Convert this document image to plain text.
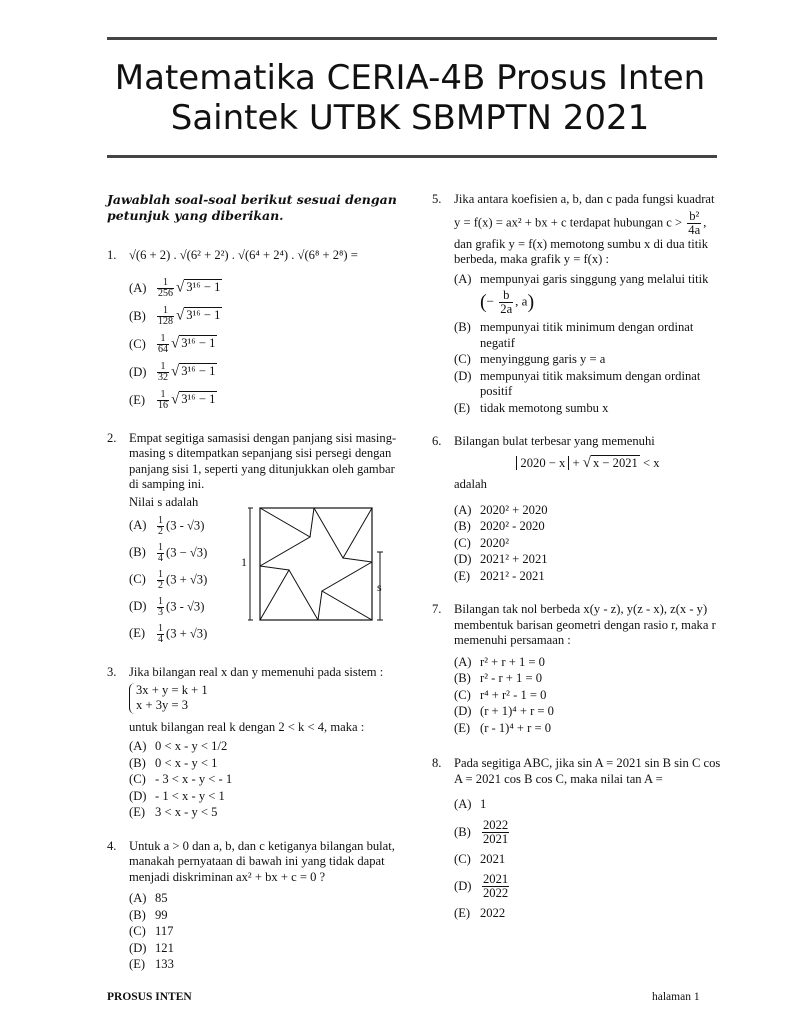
Matematika CERIA-4B Prosus Inten
Saintek UTBK SBMPTN 2021
Jawablah soal-soal berikut sesuai dengan petunjuk yang diberikan.
1. √(6 + 2) . √(6² + 2²) . √(6⁴ + 2⁴) . √(6⁸ + 2⁸) =
$(A) \frac{1}{256}$ √ 3¹⁶ − 1
$(B) \frac{1}{128}$ √ 3¹⁶ − 1
$(C) \frac{1}{64}$ √ 3¹⁶ − 1
$(D) \frac{1}{32}$ √ 3¹⁶ − 1
$(E) \frac{1}{16}$ √ 3¹⁶ − 1
2. Empat segitiga samasisi dengan panjang sisi masing-masing s ditempatkan sepanjang sisi persegi dengan panjang sisi 1, seperti yang ditunjukkan oleh gambar di samping ini.
Nilai s adalah
$(A) \frac{1}{2} (3 - √3)$
$(B) \frac{1}{4} (3 - √3)$
$(C) \frac{1}{2} (3 + √3)$
$(D) \frac{1}{3} (3 - √3)$
$(E) \frac{1}{4} (3 + √3)$
3. Jika bilangan real x dan y memenuhi pada sistem :
3x + y = k + 1
x + 3y = 3
untuk bilangan real k dengan 2 < k < 4, maka :
(A) 0 < x - y < 1/2
(B) 0 < x - y < 1
(C) - 3 < x - y < - 1
(D) - 1 < x - y < 1
(E) 3 < x - y < 5
4. Untuk a > 0 dan a, b, dan c ketiganya bilangan bulat, manakah pernyataan di bawah ini yang tidak dapat menjadi diskriminan ax² + bx + c = 0 ?
(A) 85
(B) 99
(C) 117
(D) 121
(E) 133
1
s
5. Jika antara koefisien a, b, dan c pada fungsi kuadrat
y = f(x) = ax² + bx + c terdapat hubungan $c > \frac{\text{b²}}{4a}$ ,
dan grafik y = f(x) memotong sumbu x di dua titik berbeda, maka grafik y = f(x) :
(A) mempunyai garis singgung yang melalui titik
(− $\frac{b}{2a}$ , a)
(B) mempunyai titik minimum dengan ordinat negatif
(C) menyinggung garis y = a
(D) mempunyai titik maksimum dengan ordinat positif
(E) tidak memotong sumbu x
6. Bilangan bulat terbesar yang memenuhi
2020 − x + √ x − 2021 < x
adalah
(A) 2020² + 2020
(B) 2020² - 2020
(C) 2020²
(D) 2021² + 2021
(E) 2021² - 2021
7. Bilangan tak nol berbeda x(y - z), y(z - x), z(x - y) membentuk barisan geometri dengan rasio r, maka r memenuhi persamaan :
(A) r² + r + 1 = 0
(B) r² - r + 1 = 0
(C) r⁴ + r² - 1 = 0
(D) (r + 1)⁴ + r = 0
(E) (r - 1)⁴ + r = 0
8. Pada segitiga ABC, jika sin A = 2021 sin B sin C cos A = 2021 cos B cos C, maka nilai tan A =
(A) 1
$(B) \frac{2022}{2021}$
(C) 2021
$(D) \frac{2021}{2022}$
(E) 2022
PROSUS INTEN	halaman 1
